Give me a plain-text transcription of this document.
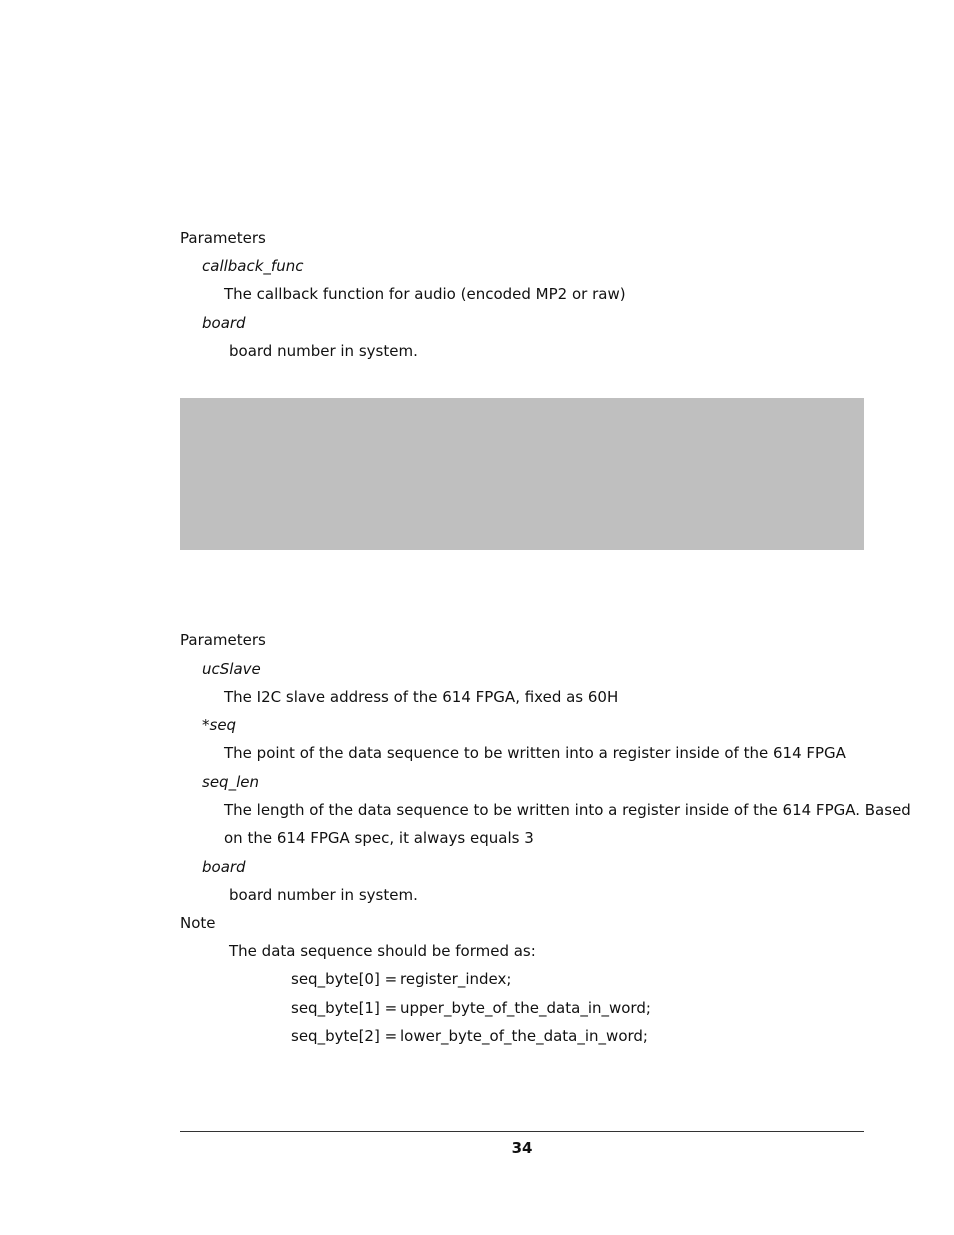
Parameters
callback_func
The callback function for audio (encoded MP2 or raw)
board
board number in system.
Parameters
ucSlave
The I2C slave address of the 614 FPGA, fixed as 60H
*seq
The point of the data sequence to be written into a register inside of the 614 FPGA
seq_len
The length of the data sequence to be written into a register inside of the 614 FPGA. Based
on the 614 FPGA spec, it always equals 3
board
board number in system.
Note
The data sequence should be formed as:
seq_byte[0] = register_index;
seq_byte[1] = upper_byte_of_the_data_in_word;
seq_byte[2] = lower_byte_of_the_data_in_word;
34
